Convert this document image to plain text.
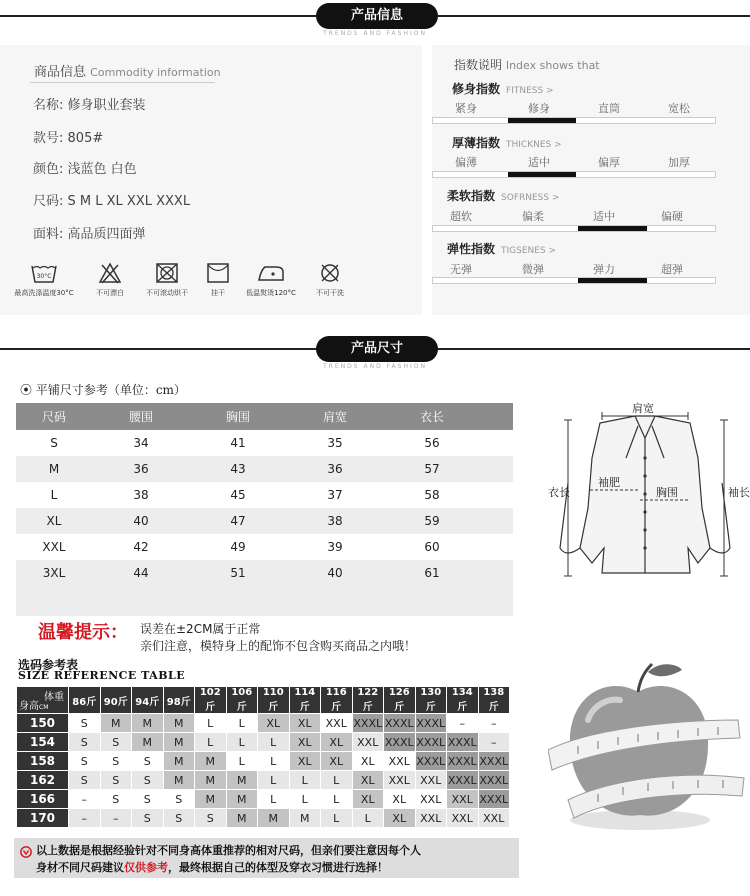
产品信息
TRENDS AND FASHION
商品信息 Commodity information
名称: 修身职业套装
款号: 805#
颜色: 浅蓝色 白色
尺码: S M L XL XXL XXXL
面料: 高品质四面弹
30°C
最高洗涤温度30°C	不可漂白	不可滚动烘干	挂干	低温熨烫120°C	不可干洗
指数说明 Index shows that
修身指数 FITNESS >
紧身	修身	直筒	宽松
厚薄指数 THICKNES >
偏薄	适中	偏厚	加厚
柔软指数 SOFRNESS >
超软	偏柔	适中	偏硬
弹性指数 TIGSENES >
无弹	微弹	弹力	超弹
产品尺寸
TRENDS AND FASHION
⦿ 平铺尺寸参考（单位：cm）
尺码	腰围	胸围	肩宽	衣长
S	34	41	35	56
M	36	43	36	57
L	38	45	37	58
XL	40	47	38	59
XXL	42	49	39	60
3XL	44	51	40	61
肩宽
衣长
袖肥
胸围	袖长
温馨提示： 误差在±2CM属于正常
亲们注意，模特身上的配饰不包含购买商品之内哦！
选码参考表
SIZE REFERENCE TABLE
体重
身高CM	86斤	90斤	94斤	98斤	102斤	106斤	110斤	114斤	116斤	122斤	126斤	130斤	134斤	138斤
150	S	M	M	M	L	L	XL	XL	XXL	XXXL	XXXL	XXXL	–	–
154	S	S	M	M	L	L	L	XL	XL	XXL	XXXL	XXXL	XXXL	–
158	S	S	S	M	M	L	L	XL	XL	XL	XXL	XXXL	XXXL	XXXL
162	S	S	S	M	M	M	L	L	L	XL	XXL	XXL	XXXL	XXXL
166	–	S	S	S	M	M	L	L	L	XL	XL	XXL	XXL	XXXL
170	–	–	S	S	S	M	M	M	L	L	XL	XXL	XXL	XXL
以上数据是根据经验针对不同身高体重推荐的相对尺码，但亲们要注意因每个人
身材不同尺码建议仅供参考，最终根据自己的体型及穿衣习惯进行选择！
